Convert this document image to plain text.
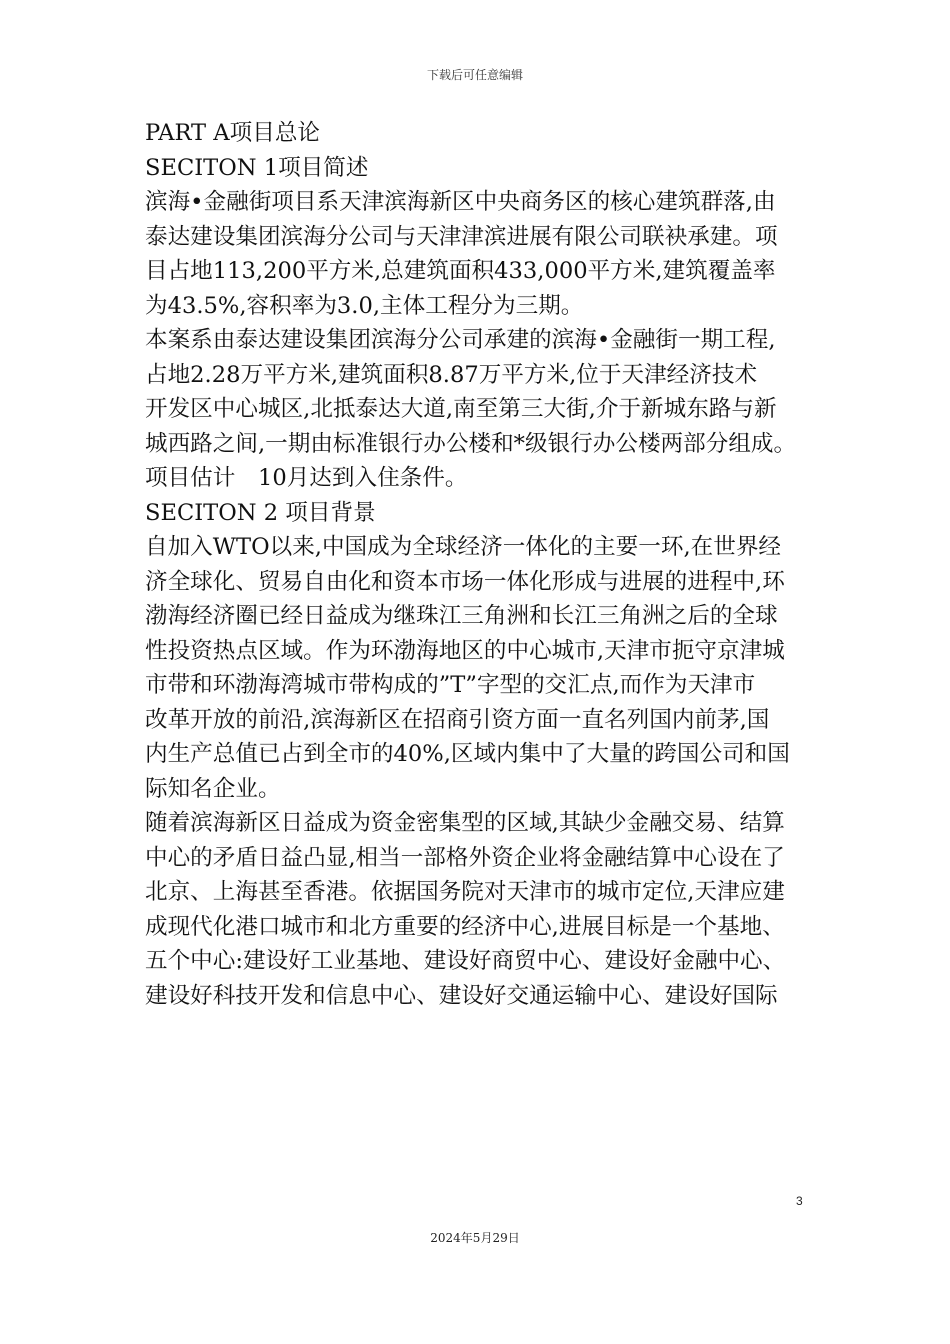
下载后可任意编辑
PART A项目总论
SECITON 1项目简述
滨海•金融街项目系天津滨海新区中央商务区的核心建筑群落,由
泰达建设集团滨海分公司与天津津滨进展有限公司联袂承建。项
目占地113,200平方米,总建筑面积433,000平方米,建筑覆盖率
为43.5%,容积率为3.0,主体工程分为三期。
本案系由泰达建设集团滨海分公司承建的滨海•金融街一期工程,
占地2.28万平方米,建筑面积8.87万平方米,位于天津经济技术
开发区中心城区,北抵泰达大道,南至第三大街,介于新城东路与新
城西路之间,一期由标准银行办公楼和*级银行办公楼两部分组成。
项目估计　10月达到入住条件。
SECITON 2 项目背景
自加入WTO以来,中国成为全球经济一体化的主要一环,在世界经
济全球化、贸易自由化和资本市场一体化形成与进展的进程中,环
渤海经济圈已经日益成为继珠江三角洲和长江三角洲之后的全球
性投资热点区域。作为环渤海地区的中心城市,天津市扼守京津城
市带和环渤海湾城市带构成的”T”字型的交汇点,而作为天津市
改革开放的前沿,滨海新区在招商引资方面一直名列国内前茅,国
内生产总值已占到全市的40%,区域内集中了大量的跨国公司和国
际知名企业。
随着滨海新区日益成为资金密集型的区域,其缺少金融交易、结算
中心的矛盾日益凸显,相当一部格外资企业将金融结算中心设在了
北京、上海甚至香港。依据国务院对天津市的城市定位,天津应建
成现代化港口城市和北方重要的经济中心,进展目标是一个基地、
五个中心:建设好工业基地、建设好商贸中心、建设好金融中心、
建设好科技开发和信息中心、建设好交通运输中心、建设好国际
3
2024年5月29日
